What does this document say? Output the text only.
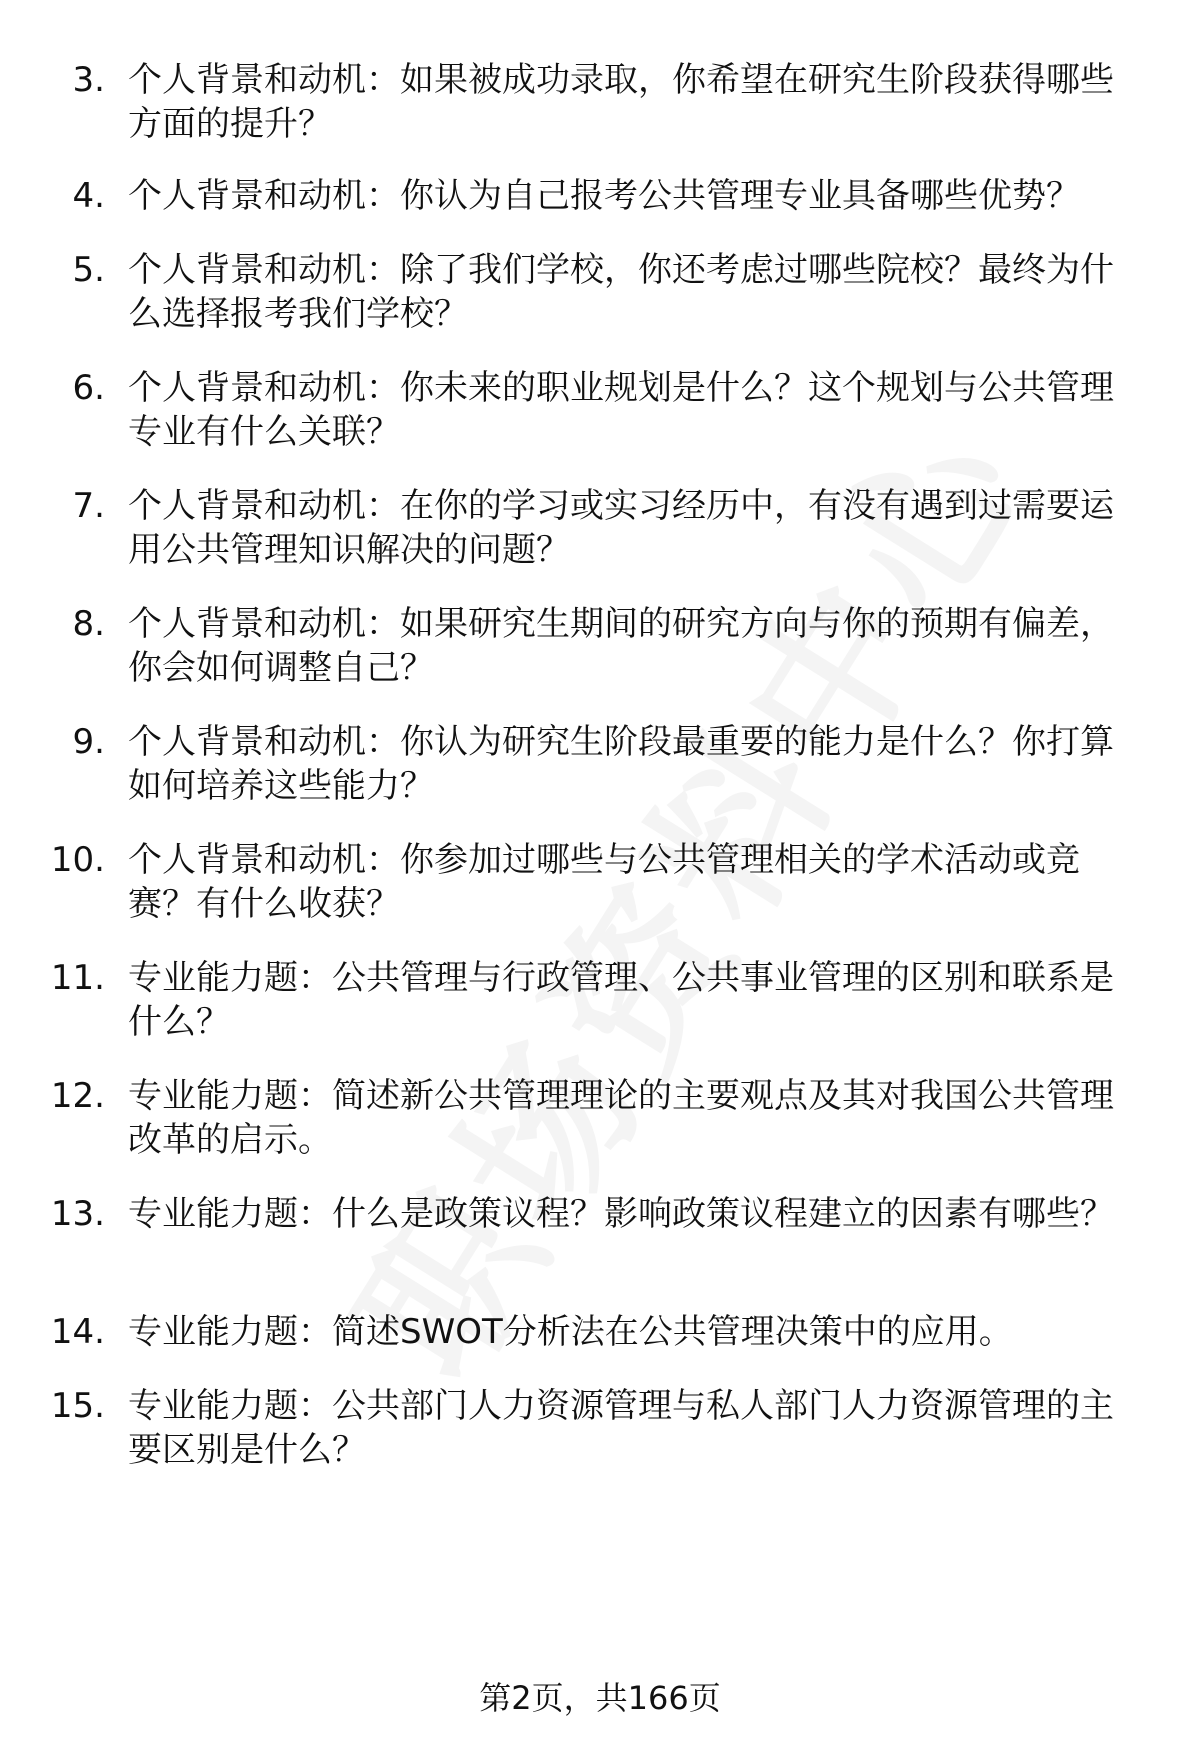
3. 个人背景和动机：如果被成功录取，你希望在研究生阶段获得哪些方面的提升？
4. 个人背景和动机：你认为自己报考公共管理专业具备哪些优势？
5. 个人背景和动机：除了我们学校，你还考虑过哪些院校？最终为什么选择报考我们学校？
6. 个人背景和动机：你未来的职业规划是什么？这个规划与公共管理专业有什么关联？
7. 个人背景和动机：在你的学习或实习经历中，有没有遇到过需要运用公共管理知识解决的问题？
8. 个人背景和动机：如果研究生期间的研究方向与你的预期有偏差，你会如何调整自己？
9. 个人背景和动机：你认为研究生阶段最重要的能力是什么？你打算如何培养这些能力？
10. 个人背景和动机：你参加过哪些与公共管理相关的学术活动或竞赛？有什么收获？
11. 专业能力题：公共管理与行政管理、公共事业管理的区别和联系是什么？
12. 专业能力题：简述新公共管理理论的主要观点及其对我国公共管理改革的启示。
13. 专业能力题：什么是政策议程？影响政策议程建立的因素有哪些？
14. 专业能力题：简述SWOT分析法在公共管理决策中的应用。
15. 专业能力题：公共部门人力资源管理与私人部门人力资源管理的主要区别是什么？
第2页，共166页
